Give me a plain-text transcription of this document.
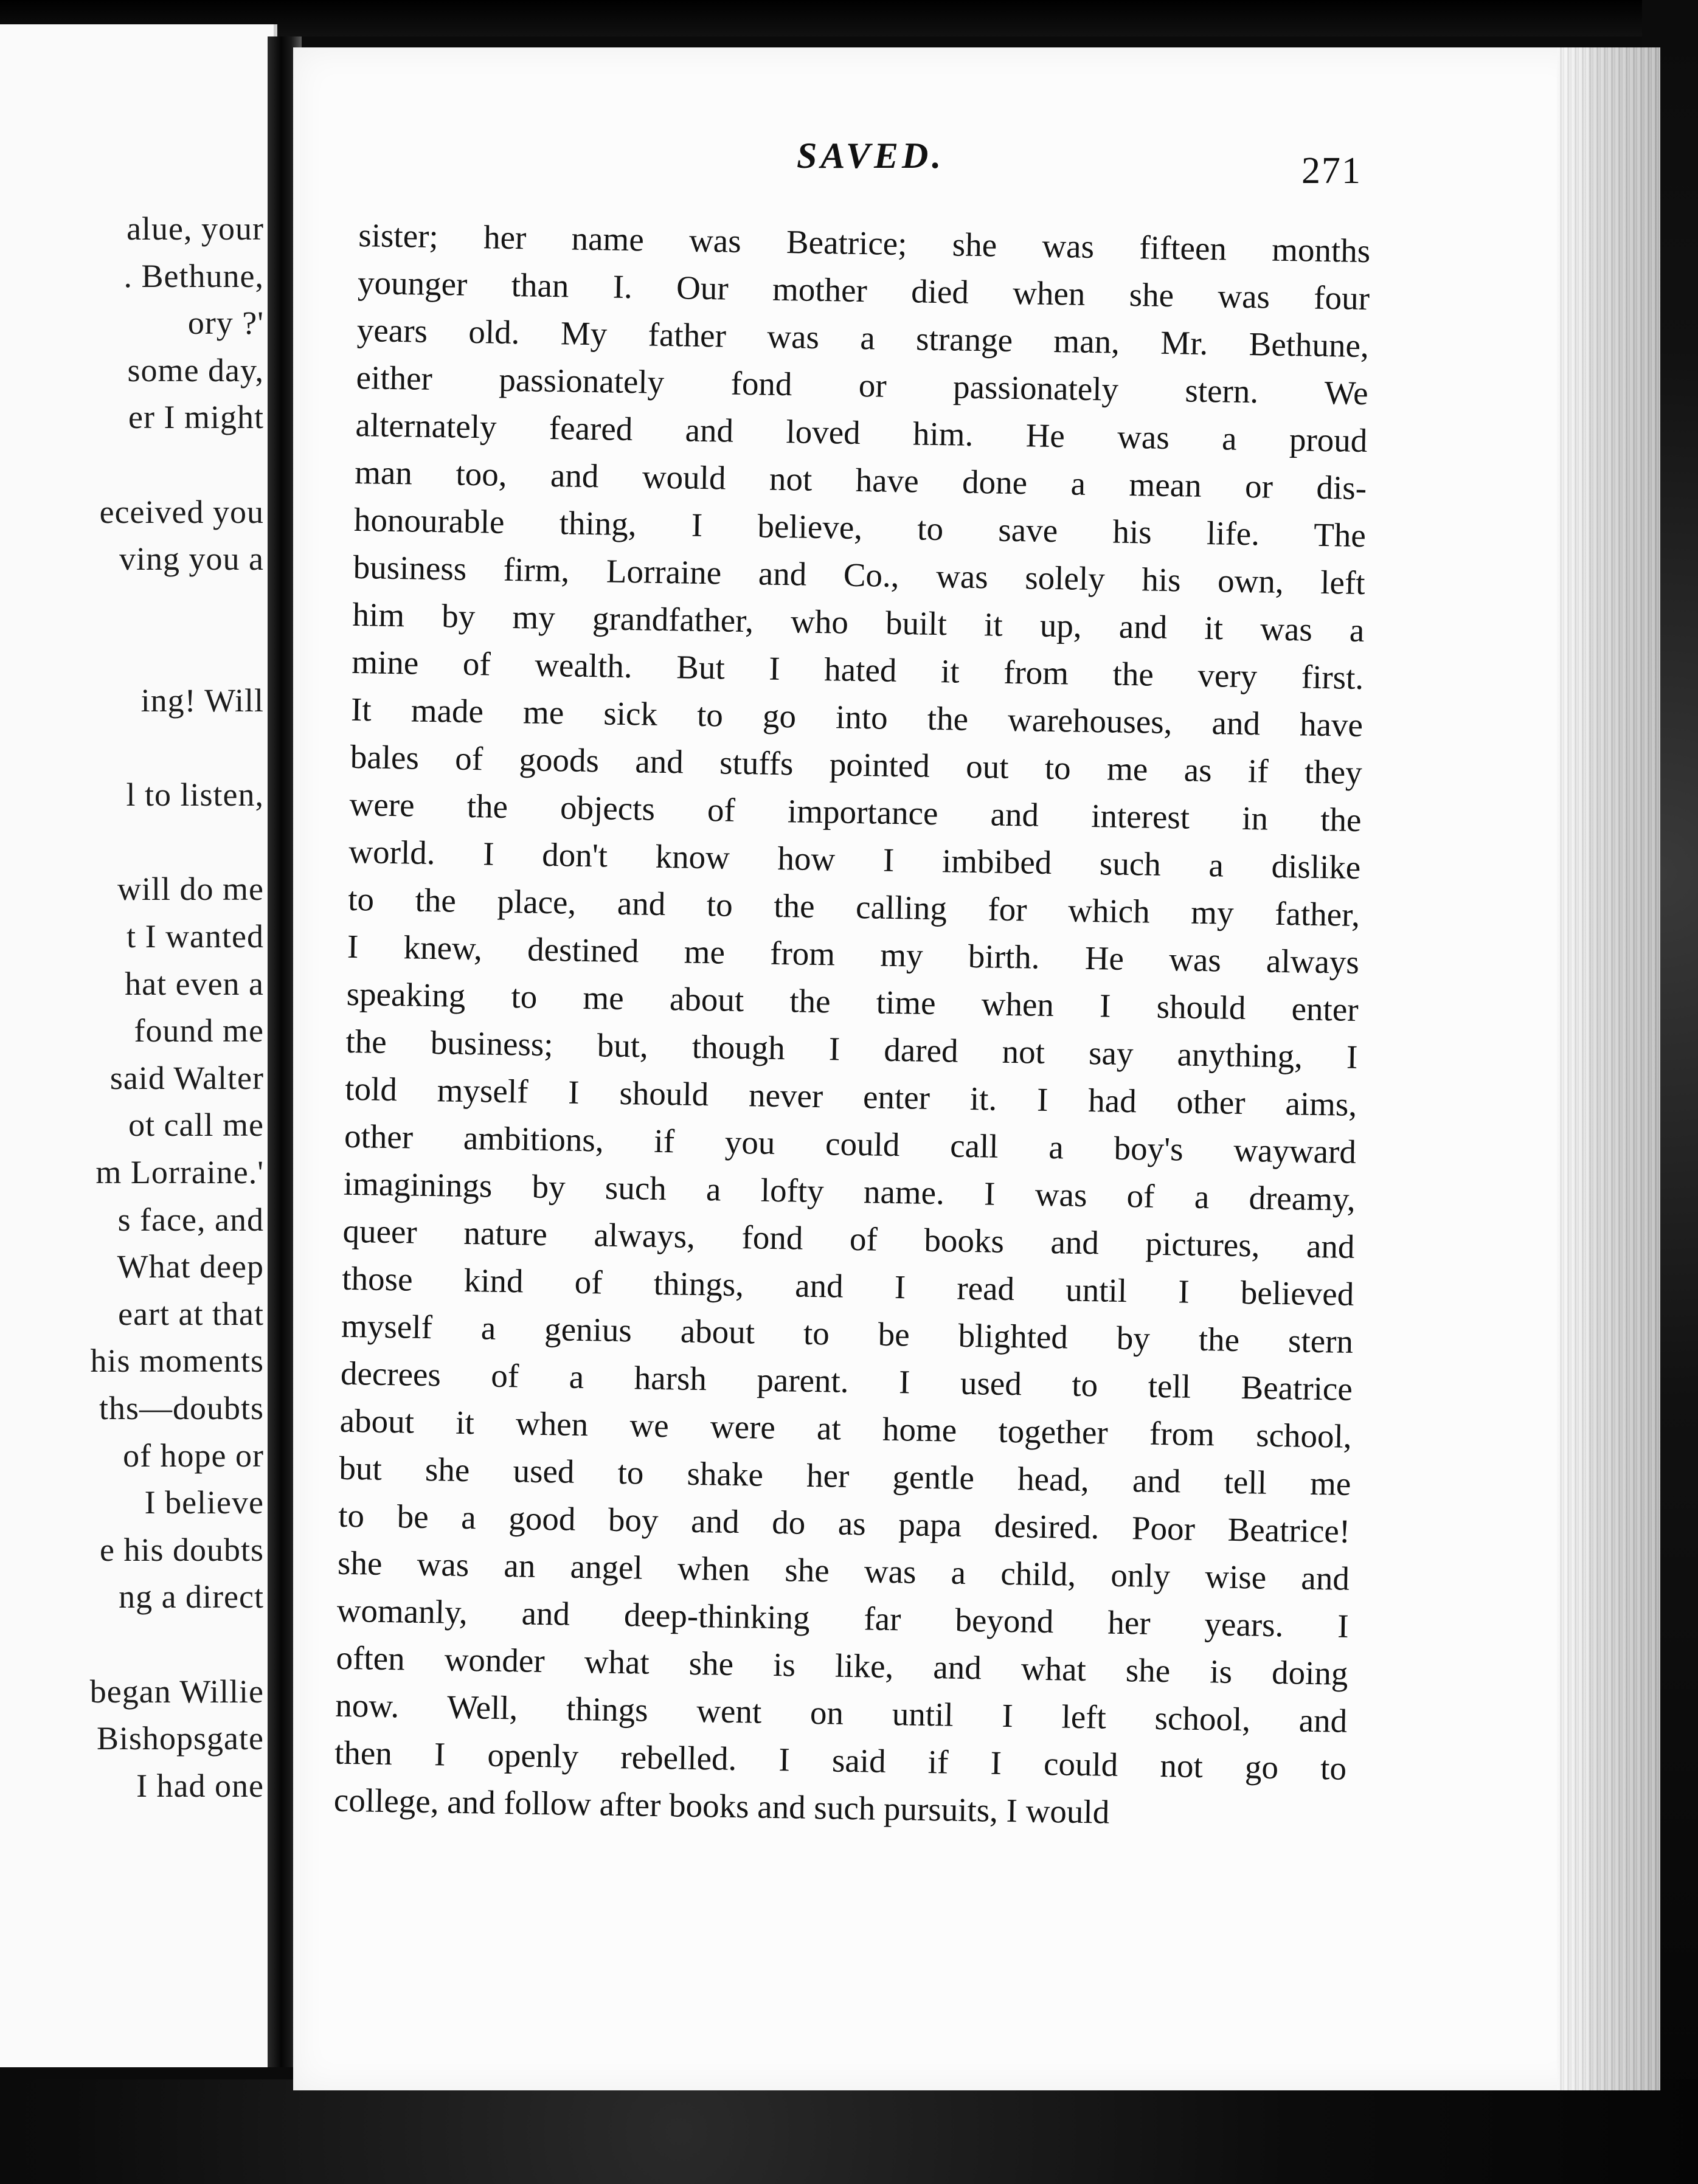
alue, your
. Bethune,
ory ?'
some day,
er I might
eceived you
ving you a
ing! Will
l to listen,
will do me
t I wanted
hat even a
found me
said Walter
ot call me
m Lorraine.'
s face, and
What deep
eart at that
his moments
ths—doubts
of hope or
I believe
e his doubts
ng a direct
began Willie
Bishopsgate
I had one
SAVED.	271
sister; her name was Beatrice; she was fifteen months
younger than I. Our mother died when she was four
years old. My father was a strange man, Mr. Bethune,
either passionately fond or passionately stern. We
alternately feared and loved him. He was a proud
man too, and would not have done a mean or dis-
honourable thing, I believe, to save his life. The
business firm, Lorraine and Co., was solely his own, left
him by my grandfather, who built it up, and it was a
mine of wealth. But I hated it from the very first.
It made me sick to go into the warehouses, and have
bales of goods and stuffs pointed out to me as if they
were the objects of importance and interest in the
world. I don't know how I imbibed such a dislike
to the place, and to the calling for which my father,
I knew, destined me from my birth. He was always
speaking to me about the time when I should enter
the business; but, though I dared not say anything, I
told myself I should never enter it. I had other aims,
other ambitions, if you could call a boy's wayward
imaginings by such a lofty name. I was of a dreamy,
queer nature always, fond of books and pictures, and
those kind of things, and I read until I believed
myself a genius about to be blighted by the stern
decrees of a harsh parent. I used to tell Beatrice
about it when we were at home together from school,
but she used to shake her gentle head, and tell me
to be a good boy and do as papa desired. Poor Beatrice!
she was an angel when she was a child, only wise and
womanly, and deep-thinking far beyond her years. I
often wonder what she is like, and what she is doing
now. Well, things went on until I left school, and
then I openly rebelled. I said if I could not go to
college, and follow after books and such pursuits, I would
